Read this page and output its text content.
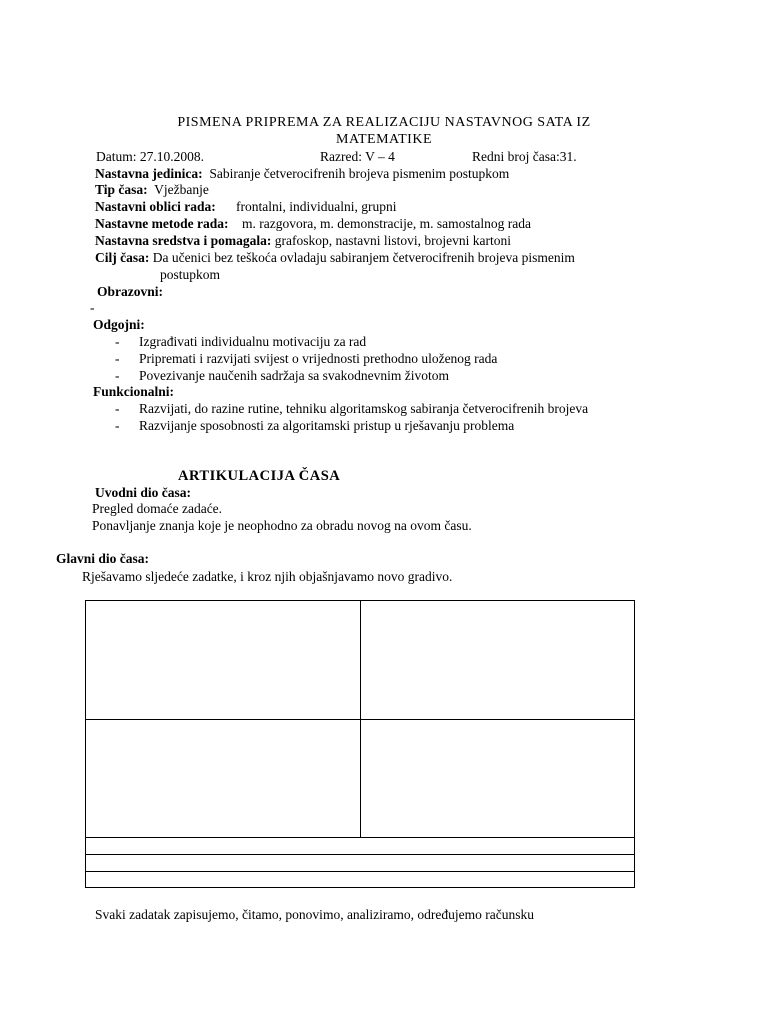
PISMENA PRIPREMA ZA REALIZACIJU NASTAVNOG SATA IZ
MATEMATIKE
Datum: 27.10.2008.	Razred: V – 4	Redni broj časa:31.
Nastavna jedinica: Sabiranje četverocifrenih brojeva pismenim postupkom
Tip časa: Vježbanje
Nastavni oblici rada: frontalni, individualni, grupni
Nastavne metode rada: m. razgovora, m. demonstracije, m. samostalnog rada
Nastavna sredstva i pomagala: grafoskop, nastavni listovi, brojevni kartoni
Cilj časa: Da učenici bez teškoća ovladaju sabiranjem četverocifrenih brojeva pismenim
postupkom
Obrazovni:
-
Odgojni:
- Izgrađivati individualnu motivaciju za rad
- Pripremati i razvijati svijest o vrijednosti prethodno uloženog rada
- Povezivanje naučenih sadržaja sa svakodnevnim životom
Funkcionalni:
- Razvijati, do razine rutine, tehniku algoritamskog sabiranja četverocifrenih brojeva
- Razvijanje sposobnosti za algoritamski pristup u rješavanju problema
ARTIKULACIJA ČASA
Uvodni dio časa:
Pregled domaće zadaće.
Ponavljanje znanja koje je neophodno za obradu novog na ovom času.
Glavni dio časa:
Rješavamo sljedeće zadatke, i kroz njih objašnjavamo novo gradivo.

Svaki zadatak zapisujemo, čitamo, ponovimo, analiziramo, određujemo računsku
